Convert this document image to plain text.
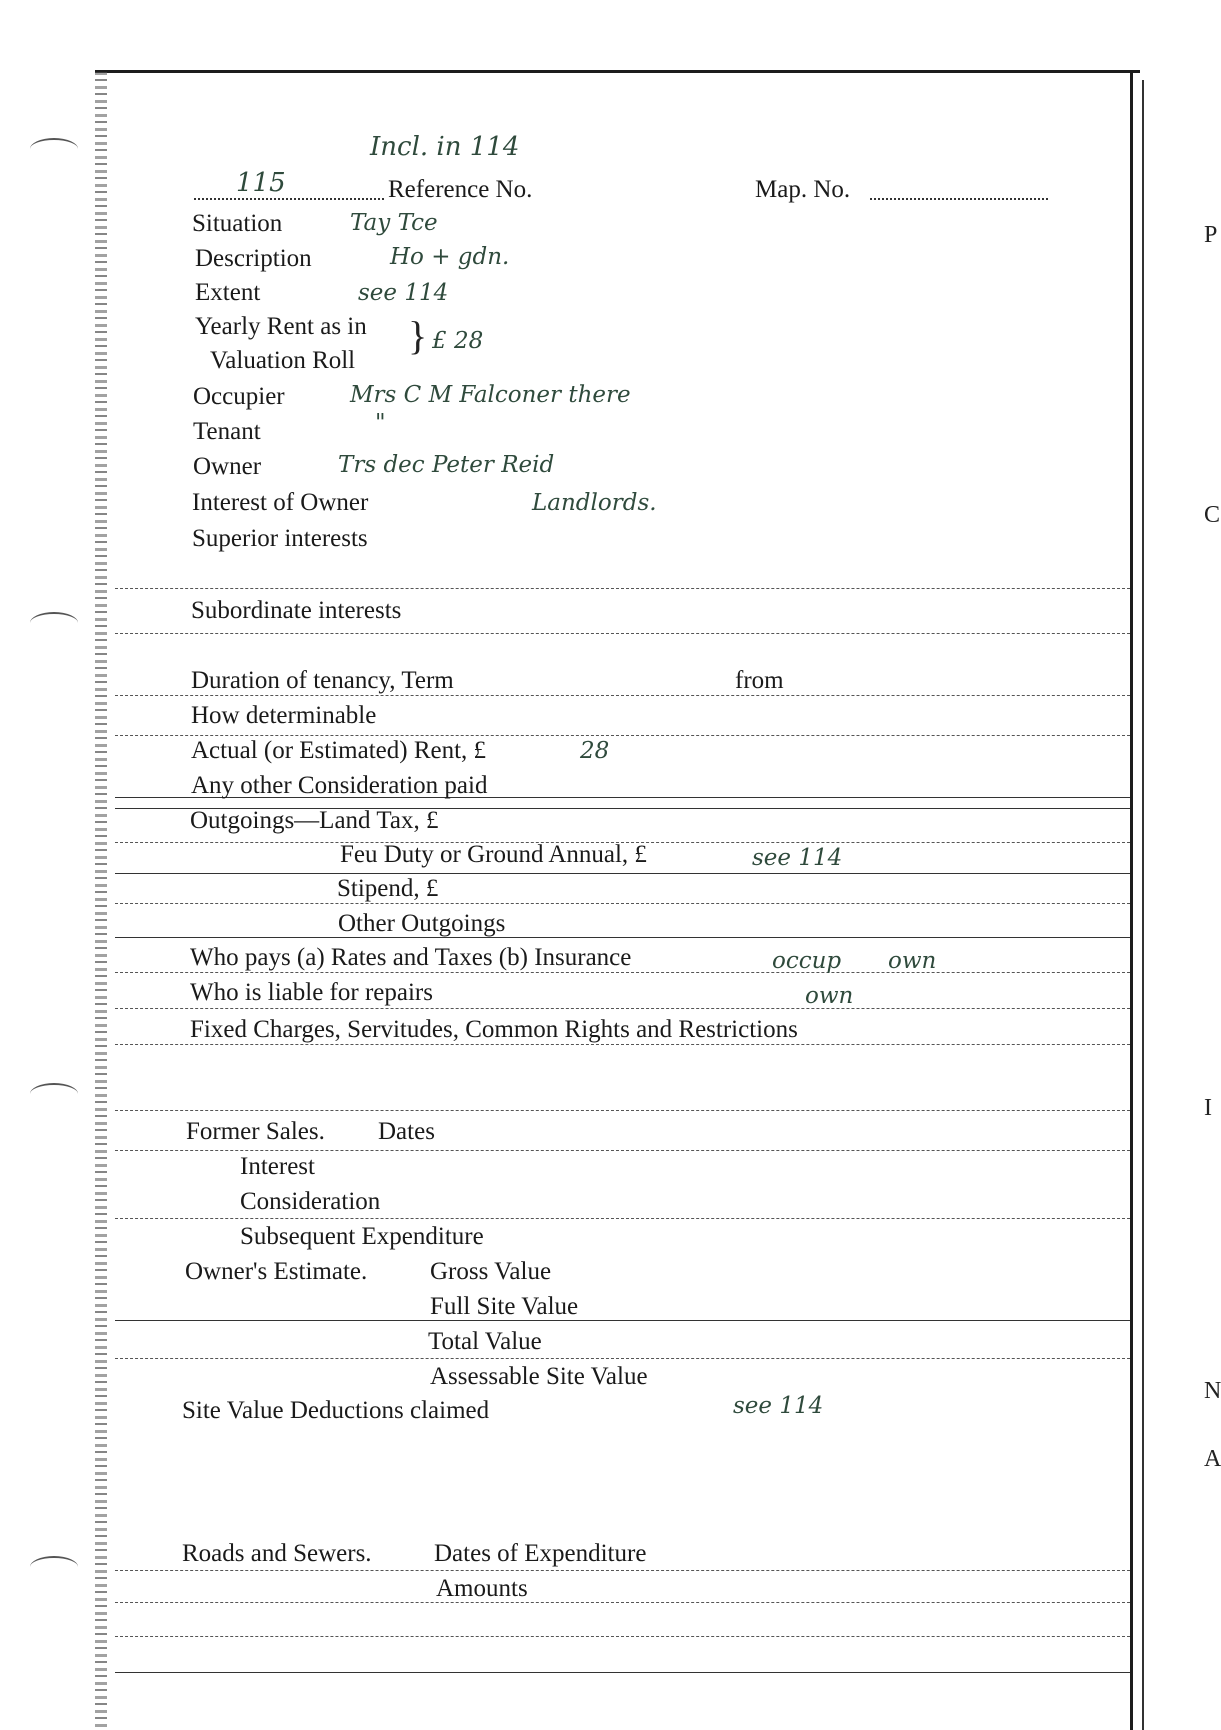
P
C
I
N
A
Incl. in 114
115	Reference No.	Map. No.
Situation	Tay Tce
Description	Ho + gdn.
Extent	see 114
Yearly Rent as in
Valuation Roll
} £ 28
Occupier	Mrs C M Falconer there
Tenant	"
Owner	Trs dec Peter Reid
Interest of Owner	Landlords.
Superior interests
Subordinate interests
Duration of tenancy, Term	from
How determinable
Actual (or Estimated) Rent, £	28
Any other Consideration paid
Outgoings—Land Tax, £
Feu Duty or Ground Annual, £	see 114
Stipend, £
Other Outgoings
Who pays (a) Rates and Taxes (b) Insurance	occup own
Who is liable for repairs	own
Fixed Charges, Servitudes, Common Rights and Restrictions
Former Sales. Dates
Interest
Consideration
Subsequent Expenditure
Owner's Estimate.	Gross Value
Full Site Value
Total Value
Assessable Site Value
Site Value Deductions claimed	see 114
Roads and Sewers. Dates of Expenditure
Amounts
